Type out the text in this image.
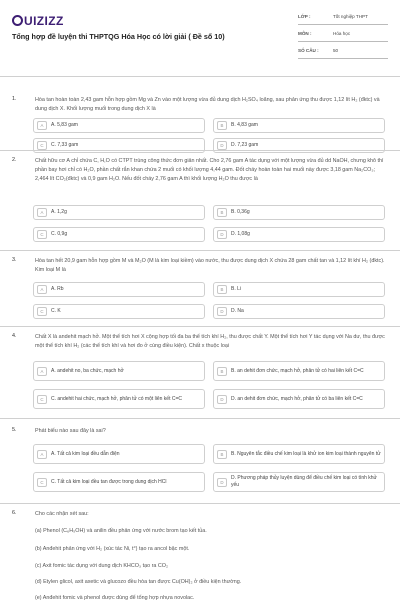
UIZIZZ
Tổng hợp đề luyện thi THPTQG Hóa Học có lời giải ( Đề số 10)
LỚP :	Tốt nghiệp THPT
MÔN :	Hóa học
SỐ CÂU :	50
1.	Hòa tan hoàn toàn 2,43 gam hỗn hợp gồm Mg và Zn vào một lượng vừa đủ dung dịch H₂SO₄ loãng, sau phản ứng thu được 1,12 lít H₂ (đktc) và dung dịch X. Khối lượng muối trong dung dịch X là
A	A. 5,83 gam	B	B. 4,83 gam
C	C. 7,33 gam	D	D. 7,23 gam
2.	Chất hữu cơ A chỉ chứa C, H,O có CTPT trùng công thức đơn giản nhất. Cho 2,76 gam A tác dụng với một lượng vừa đủ dd NaOH, chưng khô thì phần bay hơi chỉ có H₂O, phần chất rắn khan chứa 2 muối có khối lượng 4,44 gam. Đốt cháy hoàn toàn hai muối này được 3,18 gam Na₂CO₃; 2,464 lít CO₂(đktc) và 0,9 gam H₂O. Nếu đốt cháy 2,76 gam A thì khối lượng H₂O thu được là
A	A. 1,2g	B	B. 0,36g
C	C. 0,9g	D	D. 1,08g
3.	Hòa tan hết 20,9 gam hỗn hợp gồm M và M₂O (M là kim loại kiềm) vào nước, thu được dung dịch X chứa 28 gam chất tan và 1,12 lít khí H₂ (đktc). Kim loại M là
A	A. Rb	B	B. Li
C	C. K	D	D. Na
4.	Chất X là andehit mạch hở. Một thể tích hơi X cộng hợp tối đa ba thể tích khí H₂, thu được chất Y. Một thể tích hơi Y tác dụng với Na dư, thu được một thể tích khí H₂ (các thể tích khí và hơi đo ở cùng điều kiện). Chất x thuộc loại
A	A. andehit no, ba chức, mạch hở	B	B. an dehit đơn chức, mạch hở, phân tử có hai liên kết C=C
C	C. andehit hai chức, mạch hở, phân tử có một liên kết C=C	D	D. an dehit đơn chức, mạch hở, phân tử có ba liên kết C=C
5.	Phát biểu nào sau đây là sai?
A	A. Tất cả kim loại đều dẫn điện	B	B. Nguyên tắc điều chế kim loại là khử ion kim loại thành nguyên tử
C	C. Tất cả kim loại đều tan được trong dung dịch HCl	D
D. Phương pháp thủy luyện dùng để điều chế kim loại có tính khử yếu
6.	Cho các nhận xét sau:
(a) Phenol (C₆H₅OH) và anilin đều phản ứng với nước brom tạo kết tủa.
(b) Anđehit phản ứng với H₂ (xúc tác Ni, t°) tạo ra ancol bậc một.
(c) Axit fomic tác dụng với dung dịch KHCO₃ tạo ra CO₂
(d) Etylen glicol, axit axetic và glucozo đều hòa tan được Cu(OH)₂ ở điều kiện thường.
(e) Anđehit fomic và phenol được dùng để tổng hợp nhựa novolac.
